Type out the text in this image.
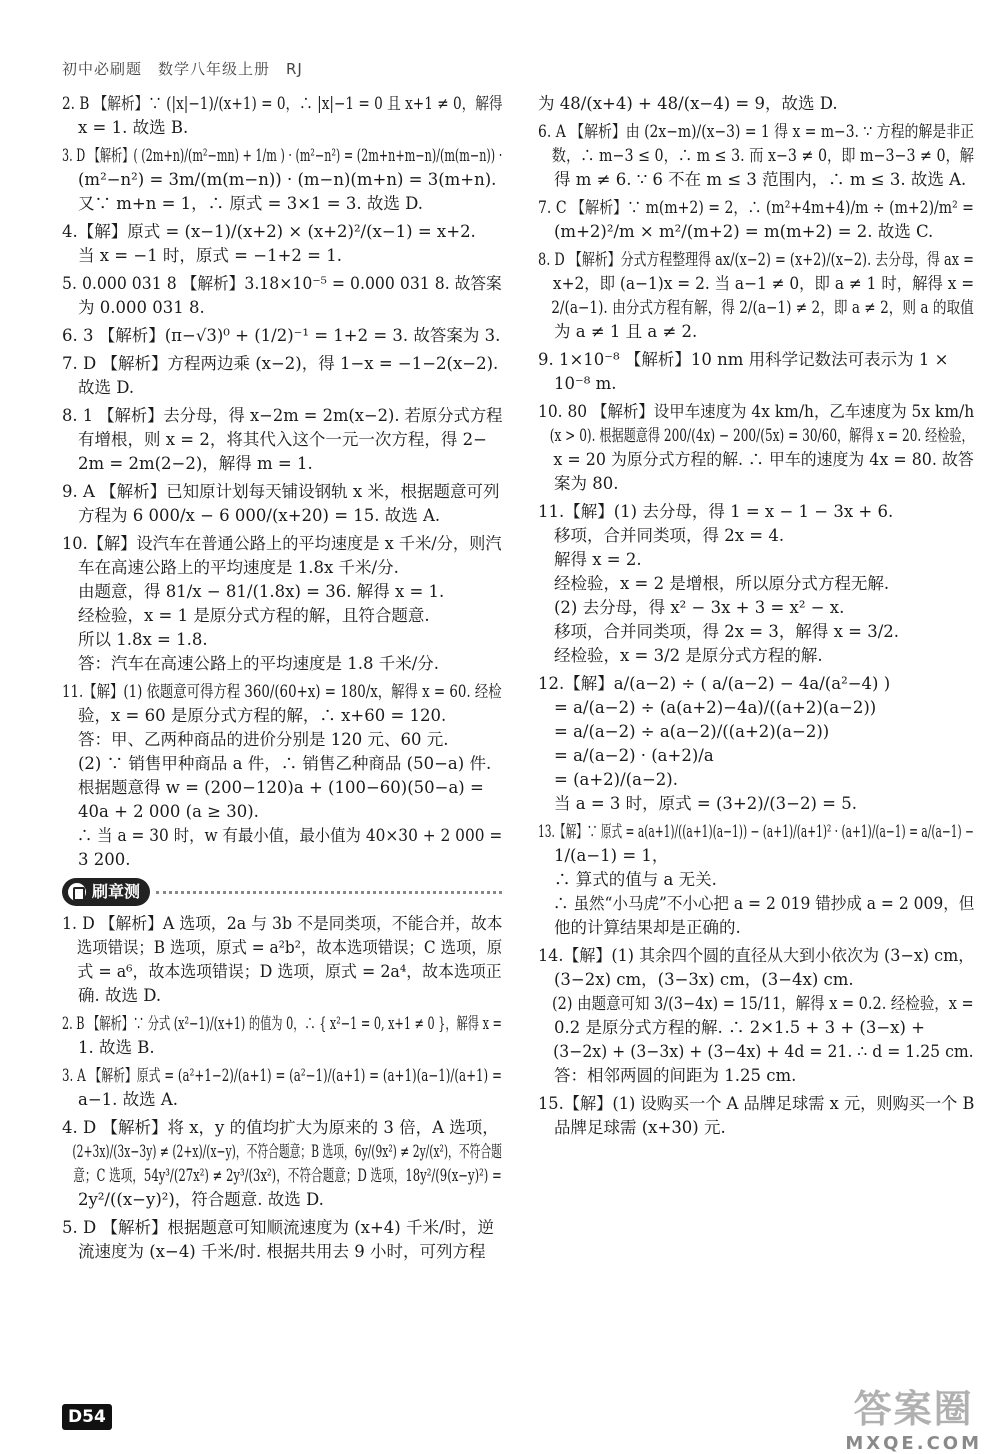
初中必刷题　数学八年级上册　RJ
2. B 【解析】∵ (|x|−1)/(x+1) = 0，∴ |x|−1 = 0 且 x+1 ≠ 0，解得
x = 1. 故选 B.
3. D 【解析】( (2m+n)/(m²−mn) + 1/m ) · (m²−n²) = (2m+n+m−n)/(m(m−n)) ·
(m²−n²) = 3m/(m(m−n)) · (m−n)(m+n) = 3(m+n).
又∵ m+n = 1，∴ 原式 = 3×1 = 3. 故选 D.
4.【解】原式 = (x−1)/(x+2) × (x+2)²/(x−1) = x+2.
当 x = −1 时，原式 = −1+2 = 1.
5. 0.000 031 8 【解析】3.18×10⁻⁵ = 0.000 031 8. 故答案
为 0.000 031 8.
6. 3 【解析】(π−√3)⁰ + (1/2)⁻¹ = 1+2 = 3. 故答案为 3.
7. D 【解析】方程两边乘 (x−2)，得 1−x = −1−2(x−2).
故选 D.
8. 1 【解析】去分母，得 x−2m = 2m(x−2). 若原分式方程
有增根，则 x = 2，将其代入这个一元一次方程，得 2−
2m = 2m(2−2)，解得 m = 1.
9. A 【解析】已知原计划每天铺设钢轨 x 米，根据题意可列
方程为 6 000/x − 6 000/(x+20) = 15. 故选 A.
10.【解】设汽车在普通公路上的平均速度是 x 千米/分，则汽
车在高速公路上的平均速度是 1.8x 千米/分.
由题意，得 81/x − 81/(1.8x) = 36. 解得 x = 1.
经检验，x = 1 是原分式方程的解，且符合题意.
所以 1.8x = 1.8.
答：汽车在高速公路上的平均速度是 1.8 千米/分.
11.【解】(1) 依题意可得方程 360/(60+x) = 180/x，解得 x = 60. 经检
验，x = 60 是原分式方程的解，∴ x+60 = 120.
答：甲、乙两种商品的进价分别是 120 元、60 元.
(2) ∵ 销售甲种商品 a 件，∴ 销售乙种商品 (50−a) 件.
根据题意得 w = (200−120)a + (100−60)(50−a) =
40a + 2 000 (a ≥ 30).
∴ 当 a = 30 时，w 有最小值，最小值为 40×30 + 2 000 =
3 200.
刷章测
1. D 【解析】A 选项，2a 与 3b 不是同类项，不能合并，故本
选项错误；B 选项，原式 = a²b²，故本选项错误；C 选项，原
式 = a⁶，故本选项错误；D 选项，原式 = 2a⁴，故本选项正
确. 故选 D.
2. B 【解析】∵ 分式 (x²−1)/(x+1) 的值为 0，∴ { x²−1 = 0, x+1 ≠ 0 }，解得 x =
1. 故选 B.
3. A 【解析】原式 = (a²+1−2)/(a+1) = (a²−1)/(a+1) = (a+1)(a−1)/(a+1) =
a−1. 故选 A.
4. D 【解析】将 x，y 的值均扩大为原来的 3 倍，A 选项，
(2+3x)/(3x−3y) ≠ (2+x)/(x−y)，不符合题意；B 选项，6y/(9x²) ≠ 2y/(x²)，不符合题
意；C 选项，54y³/(27x²) ≠ 2y³/(3x²)，不符合题意；D 选项，18y²/(9(x−y)²) =
2y²/((x−y)²)，符合题意. 故选 D.
5. D 【解析】根据题意可知顺流速度为 (x+4) 千米/时，逆
流速度为 (x−4) 千米/时. 根据共用去 9 小时，可列方程
为 48/(x+4) + 48/(x−4) = 9，故选 D.
6. A 【解析】由 (2x−m)/(x−3) = 1 得 x = m−3. ∵ 方程的解是非正
数，∴ m−3 ≤ 0，∴ m ≤ 3. 而 x−3 ≠ 0，即 m−3−3 ≠ 0，解
得 m ≠ 6. ∵ 6 不在 m ≤ 3 范围内，∴ m ≤ 3. 故选 A.
7. C 【解析】∵ m(m+2) = 2，∴ (m²+4m+4)/m ÷ (m+2)/m² =
(m+2)²/m × m²/(m+2) = m(m+2) = 2. 故选 C.
8. D 【解析】分式方程整理得 ax/(x−2) = (x+2)/(x−2). 去分母，得 ax =
x+2，即 (a−1)x = 2. 当 a−1 ≠ 0，即 a ≠ 1 时，解得 x =
2/(a−1). 由分式方程有解，得 2/(a−1) ≠ 2，即 a ≠ 2，则 a 的取值
为 a ≠ 1 且 a ≠ 2.
9. 1×10⁻⁸ 【解析】10 nm 用科学记数法可表示为 1 ×
10⁻⁸ m.
10. 80 【解析】设甲车速度为 4x km/h，乙车速度为 5x km/h
(x > 0). 根据题意得 200/(4x) − 200/(5x) = 30/60，解得 x = 20. 经检验，
x = 20 为原分式方程的解. ∴ 甲车的速度为 4x = 80. 故答
案为 80.
11.【解】(1) 去分母，得 1 = x − 1 − 3x + 6.
移项，合并同类项，得 2x = 4.
解得 x = 2.
经检验，x = 2 是增根，所以原分式方程无解.
(2) 去分母，得 x² − 3x + 3 = x² − x.
移项，合并同类项，得 2x = 3，解得 x = 3/2.
经检验，x = 3/2 是原分式方程的解.
12.【解】a/(a−2) ÷ ( a/(a−2) − 4a/(a²−4) )
= a/(a−2) ÷ (a(a+2)−4a)/((a+2)(a−2))
= a/(a−2) ÷ a(a−2)/((a+2)(a−2))
= a/(a−2) · (a+2)/a
= (a+2)/(a−2).
当 a = 3 时，原式 = (3+2)/(3−2) = 5.
13.【解】∵ 原式 = a(a+1)/((a+1)(a−1)) − (a+1)/(a+1)² · (a+1)/(a−1) = a/(a−1) −
1/(a−1) = 1，
∴ 算式的值与 a 无关.
∴ 虽然“小马虎”不小心把 a = 2 019 错抄成 a = 2 009，但
他的计算结果却是正确的.
14.【解】(1) 其余四个圆的直径从大到小依次为 (3−x) cm，
(3−2x) cm，(3−3x) cm，(3−4x) cm.
(2) 由题意可知 3/(3−4x) = 15/11，解得 x = 0.2. 经检验，x =
0.2 是原分式方程的解. ∴ 2×1.5 + 3 + (3−x) +
(3−2x) + (3−3x) + (3−4x) + 4d = 21. ∴ d = 1.25 cm.
答：相邻两圆的间距为 1.25 cm.
15.【解】(1) 设购买一个 A 品牌足球需 x 元，则购买一个 B
品牌足球需 (x+30) 元.
D54	答案圈
MXQE.COM
